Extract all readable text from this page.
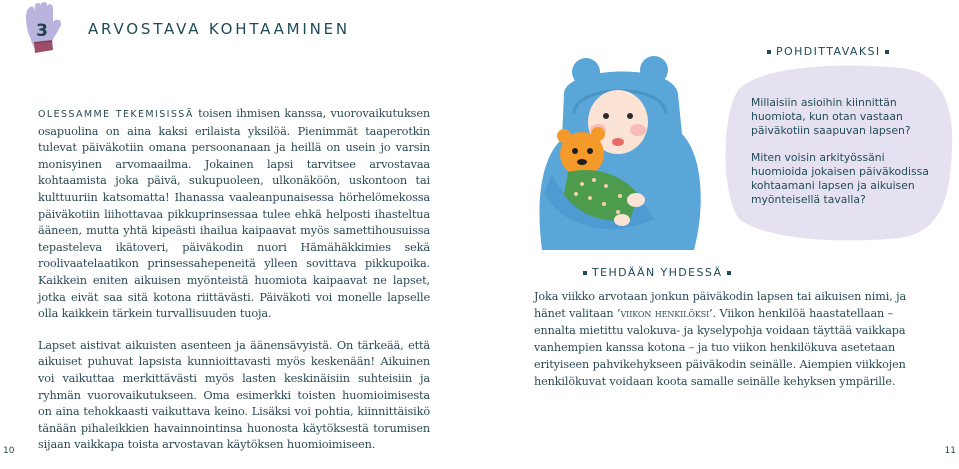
3	ARVOSTAVA KOHTAAMINEN

OLESSAMME TEKEMISISSÄ toisen ihmisen kanssa, vuorovaikutuksen osapuolina on aina kaksi erilaista yksilöä. Pienimmät taaperotkin tulevat päiväkotiin omana persoonanaan ja heillä on usein jo varsin monisyinen arvomaailma. Jokainen lapsi tarvitsee arvostavaa kohtaamista joka päivä, sukupuoleen, ulkonäköön, uskontoon tai kulttuuriin katsomatta! Ihanassa vaaleanpunaisessa hörhelömekossa päiväkotiin liihottavaa pikkuprinsessaa tulee ehkä helposti ihasteltua ääneen, mutta yhtä kipeästi ihailua kaipaavat myös samettihousuissa tepasteleva ikätoveri, päiväkodin nuori Hämähäkkimies sekä roolivaatelaatikon prinsessahepeneitä ylleen sovittava pikkupoika. Kaikkein eniten aikuisen myönteistä huomiota kaipaavat ne lapset, jotka eivät saa sitä kotona riittävästi. Päiväkoti voi monelle lapselle olla kaikkein tärkein turvallisuuden tuoja.

Lapset aistivat aikuisten asenteen ja äänensävyistä. On tärkeää, että aikuiset puhuvat lapsista kunnioittavasti myös keskenään! Aikuinen voi vaikuttaa merkittävästi myös lasten keskinäisiin suhteisiin ja ryhmän vuorovaikutukseen. Oma esimerkki toisten huomioimisesta on aina tehokkaasti vaikuttava keino. Lisäksi voi pohtia, kiinnittäisikö tänään pihaleikkien havainnointinsa huonosta käytöksestä torumisen sijaan vaikkapa toista arvostavan käytöksen huomioimiseen.

POHDITTAVAKSI

Millaisiin asioihin kiinnittän huomiota, kun otan vastaan päiväkotiin saapuvan lapsen?

Miten voisin arkityössäni huomioida jokaisen päiväkodissa kohtaamani lapsen ja aikuisen myönteisellä tavalla?

TEHDÄÄN YHDESSÄ

Joka viikko arvotaan jonkun päiväkodin lapsen tai aikuisen nimi, ja hänet valitaan ’viikon henkilöksi’. Viikon henkilöä haastatellaan – ennalta mietittu valokuva- ja kyselypohja voidaan täyttää vaikkapa vanhempien kanssa kotona – ja tuo viikon henkilökuva asetetaan erityiseen pahvikehykseen päiväkodin seinälle. Aiempien viikkojen henkilökuvat voidaan koota samalle seinälle kehyksen ympärille.

10	11
